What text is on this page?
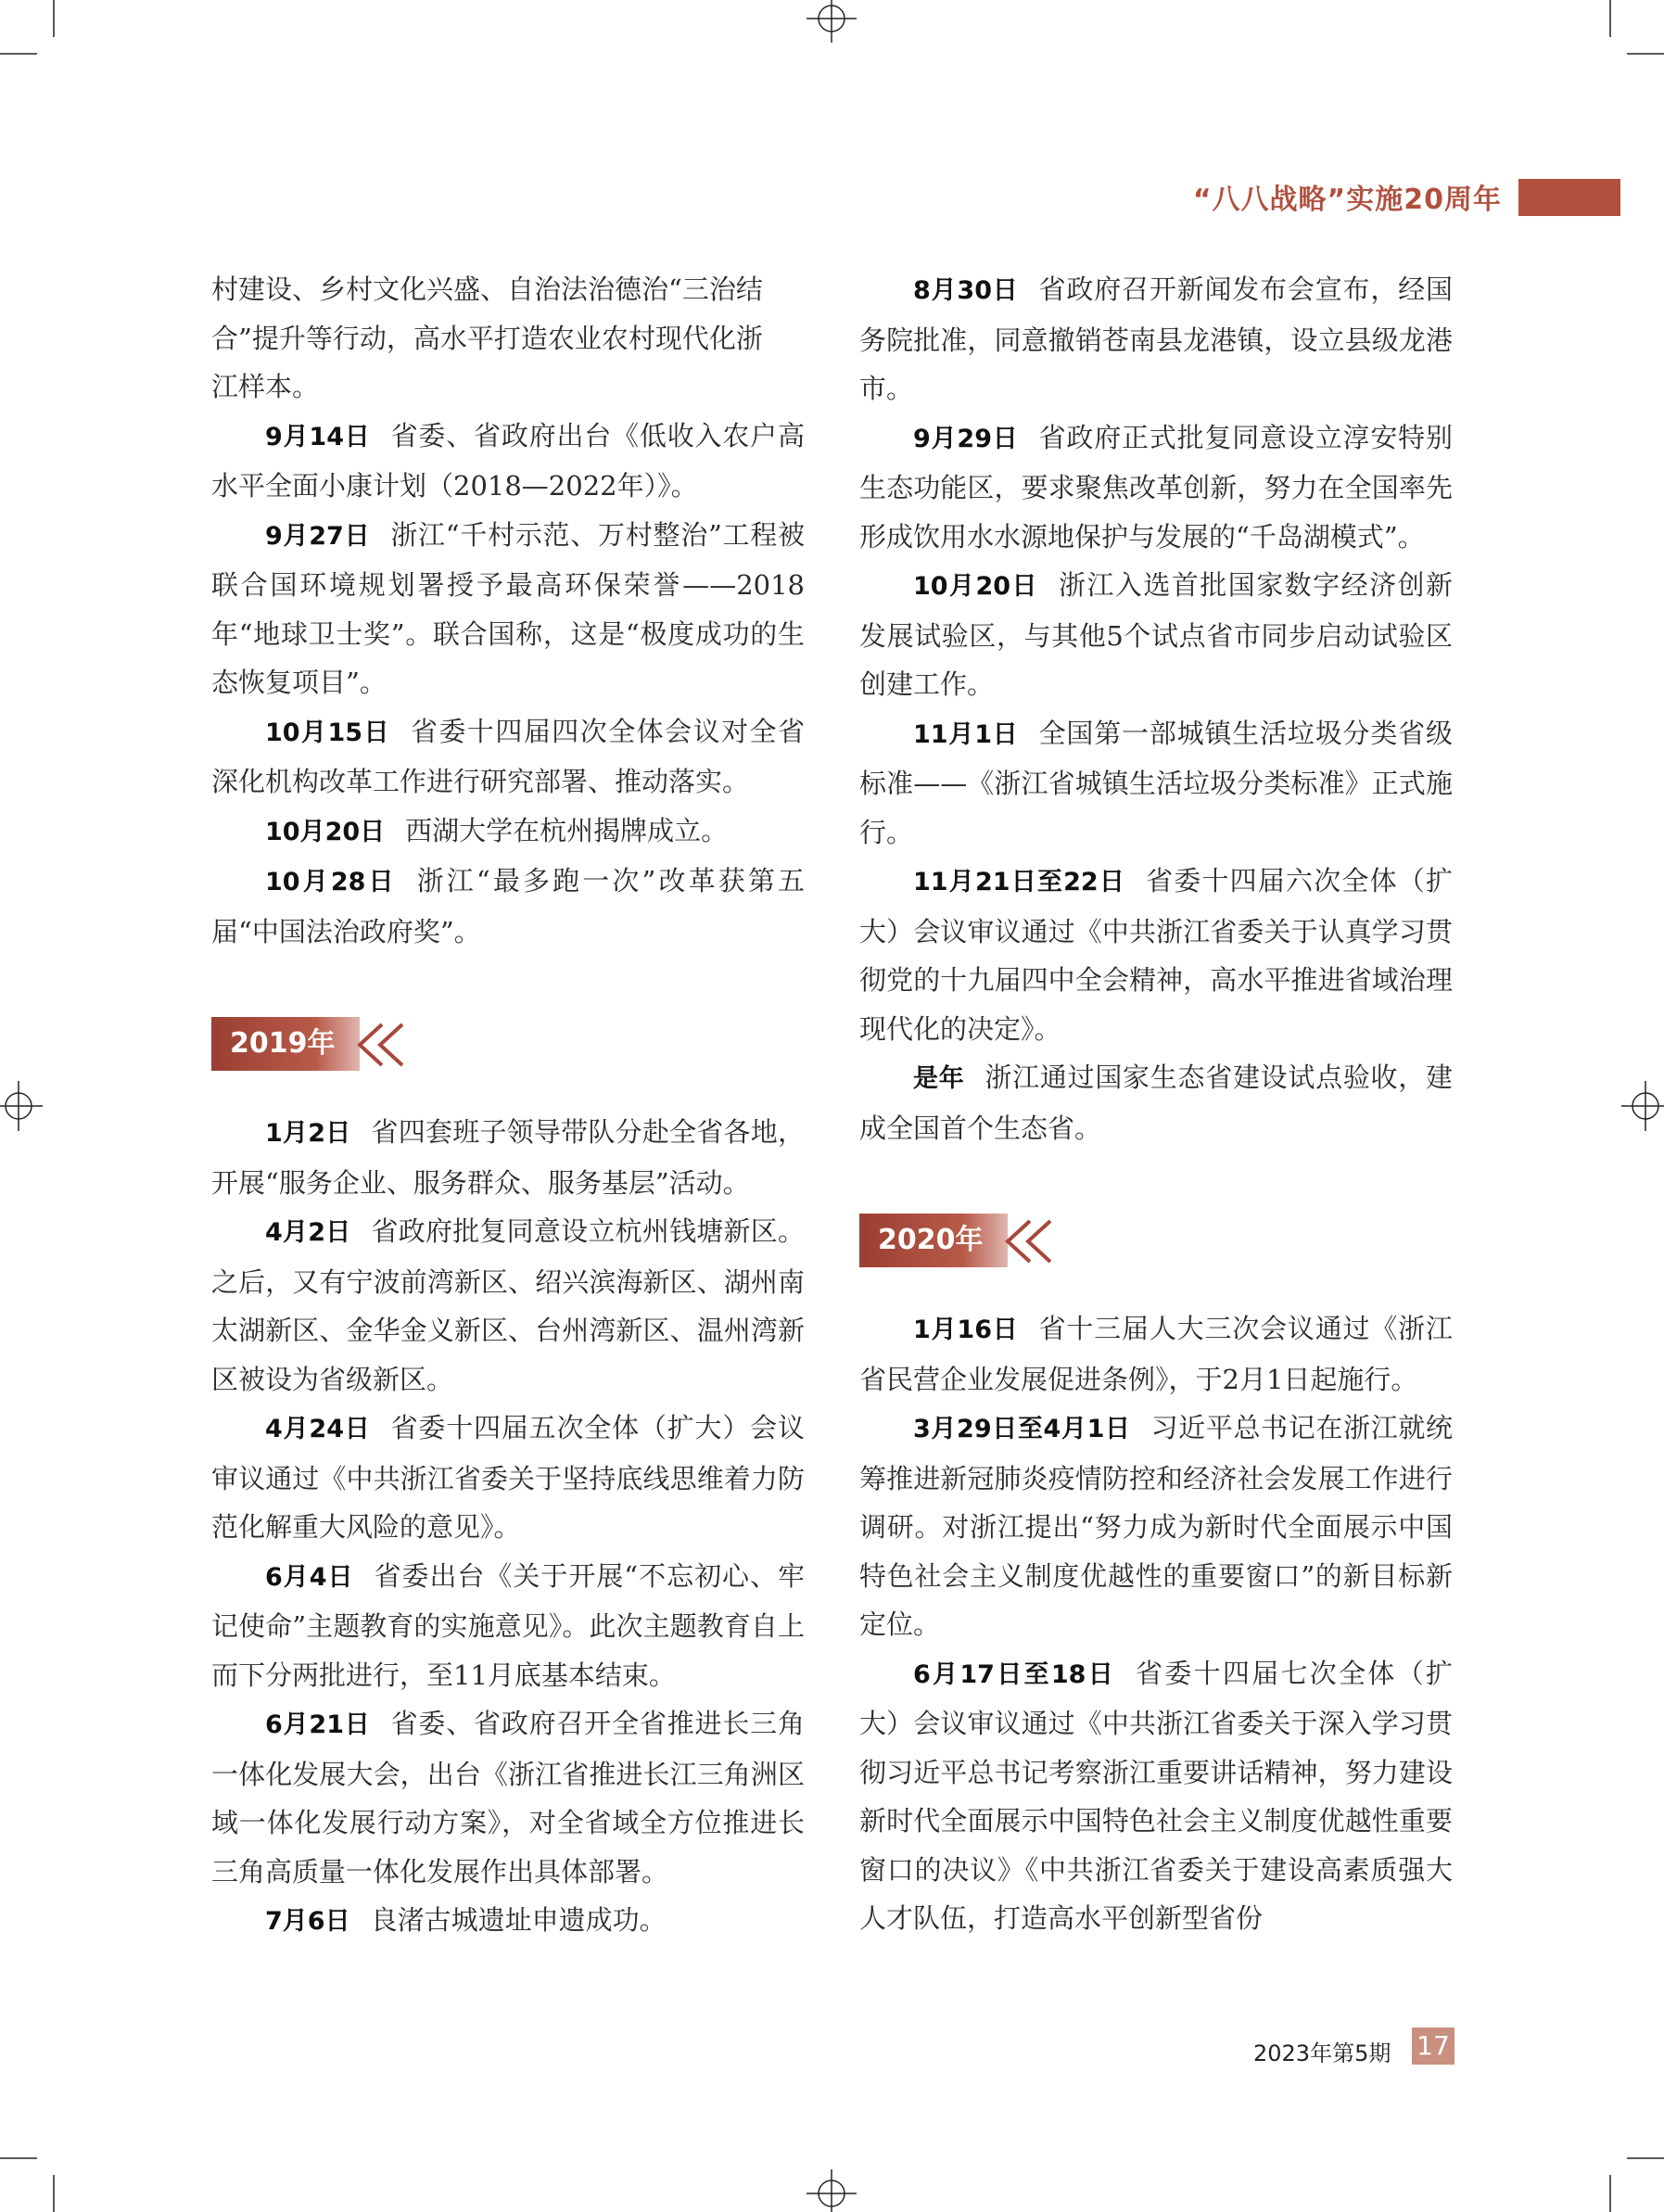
“八八战略”实施20周年

村建设、乡村文化兴盛、自治法治德治“三治结

合”提升等行动，高水平打造农业农村现代化浙

江样本。

9月14日 省委、省政府出台《低收入农户高水平全面小康计划（2018—2022年）》。

9月27日 浙江“千村示范、万村整治”工程被联合国环境规划署授予最高环保荣誉——2018年“地球卫士奖”。联合国称，这是“极度成功的生态恢复项目”。

10月15日 省委十四届四次全体会议对全省深化机构改革工作进行研究部署、推动落实。

10月20日 西湖大学在杭州揭牌成立。

10月28日 浙江“最多跑一次”改革获第五届“中国法治政府奖”。

2019年

1月2日 省四套班子领导带队分赴全省各地，开展“服务企业、服务群众、服务基层”活动。

4月2日 省政府批复同意设立杭州钱塘新区。之后，又有宁波前湾新区、绍兴滨海新区、湖州南太湖新区、金华金义新区、台州湾新区、温州湾新区被设为省级新区。

4月24日 省委十四届五次全体（扩大）会议审议通过《中共浙江省委关于坚持底线思维着力防范化解重大风险的意见》。

6月4日 省委出台《关于开展“不忘初心、牢记使命”主题教育的实施意见》。此次主题教育自上而下分两批进行，至11月底基本结束。

6月21日 省委、省政府召开全省推进长三角一体化发展大会，出台《浙江省推进长江三角洲区域一体化发展行动方案》，对全省域全方位推进长三角高质量一体化发展作出具体部署。

7月6日 良渚古城遗址申遗成功。

8月30日 省政府召开新闻发布会宣布，经国务院批准，同意撤销苍南县龙港镇，设立县级龙港市。

9月29日 省政府正式批复同意设立淳安特别生态功能区，要求聚焦改革创新，努力在全国率先形成饮用水水源地保护与发展的“千岛湖模式”。

10月20日 浙江入选首批国家数字经济创新发展试验区，与其他5个试点省市同步启动试验区创建工作。

11月1日 全国第一部城镇生活垃圾分类省级标准——《浙江省城镇生活垃圾分类标准》正式施行。

11月21日至22日 省委十四届六次全体（扩大）会议审议通过《中共浙江省委关于认真学习贯彻党的十九届四中全会精神，高水平推进省域治理现代化的决定》。

是年 浙江通过国家生态省建设试点验收，建成全国首个生态省。

2020年

1月16日 省十三届人大三次会议通过《浙江省民营企业发展促进条例》，于2月1日起施行。

3月29日至4月1日 习近平总书记在浙江就统筹推进新冠肺炎疫情防控和经济社会发展工作进行调研。对浙江提出“努力成为新时代全面展示中国特色社会主义制度优越性的重要窗口”的新目标新定位。

6月17日至18日 省委十四届七次全体（扩大）会议审议通过《中共浙江省委关于深入学习贯彻习近平总书记考察浙江重要讲话精神，努力建设新时代全面展示中国特色社会主义制度优越性重要窗口的决议》《中共浙江省委关于建设高素质强大人才队伍，打造高水平创新型省份

2023年第5期 17
